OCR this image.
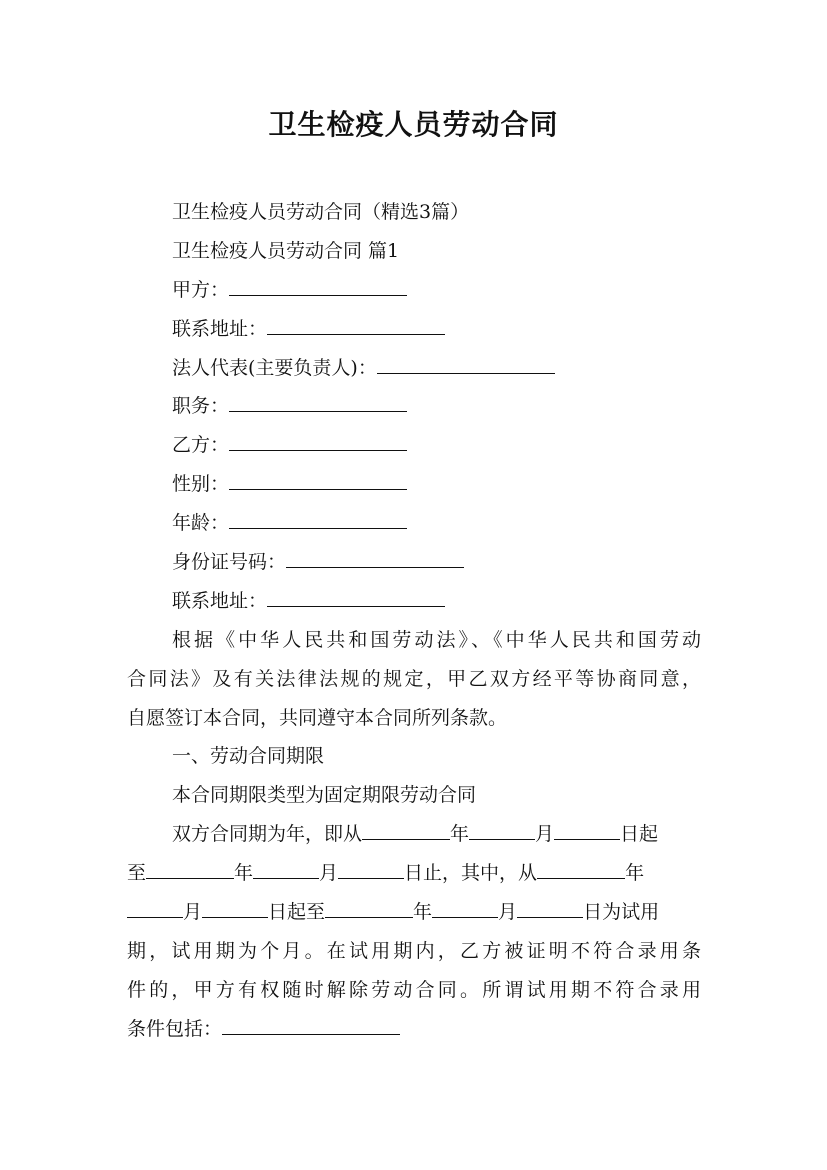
卫生检疫人员劳动合同
卫生检疫人员劳动合同（精选3篇）
卫生检疫人员劳动合同 篇1
甲方：
联系地址：
法人代表(主要负责人)：
职务：
乙方：
性别：
年龄：
身份证号码：
联系地址：
根据《中华人民共和国劳动法》、《中华人民共和国劳动
合同法》及有关法律法规的规定，甲乙双方经平等协商同意，
自愿签订本合同，共同遵守本合同所列条款。
一、劳动合同期限
本合同期限类型为固定期限劳动合同
双方合同期为年，即从	年	月	日起
至	年	月	日止，其中，从	年
月	日起至	年	月	日为试用
期，试用期为个月。在试用期内，乙方被证明不符合录用条
件的，甲方有权随时解除劳动合同。所谓试用期不符合录用
条件包括：
